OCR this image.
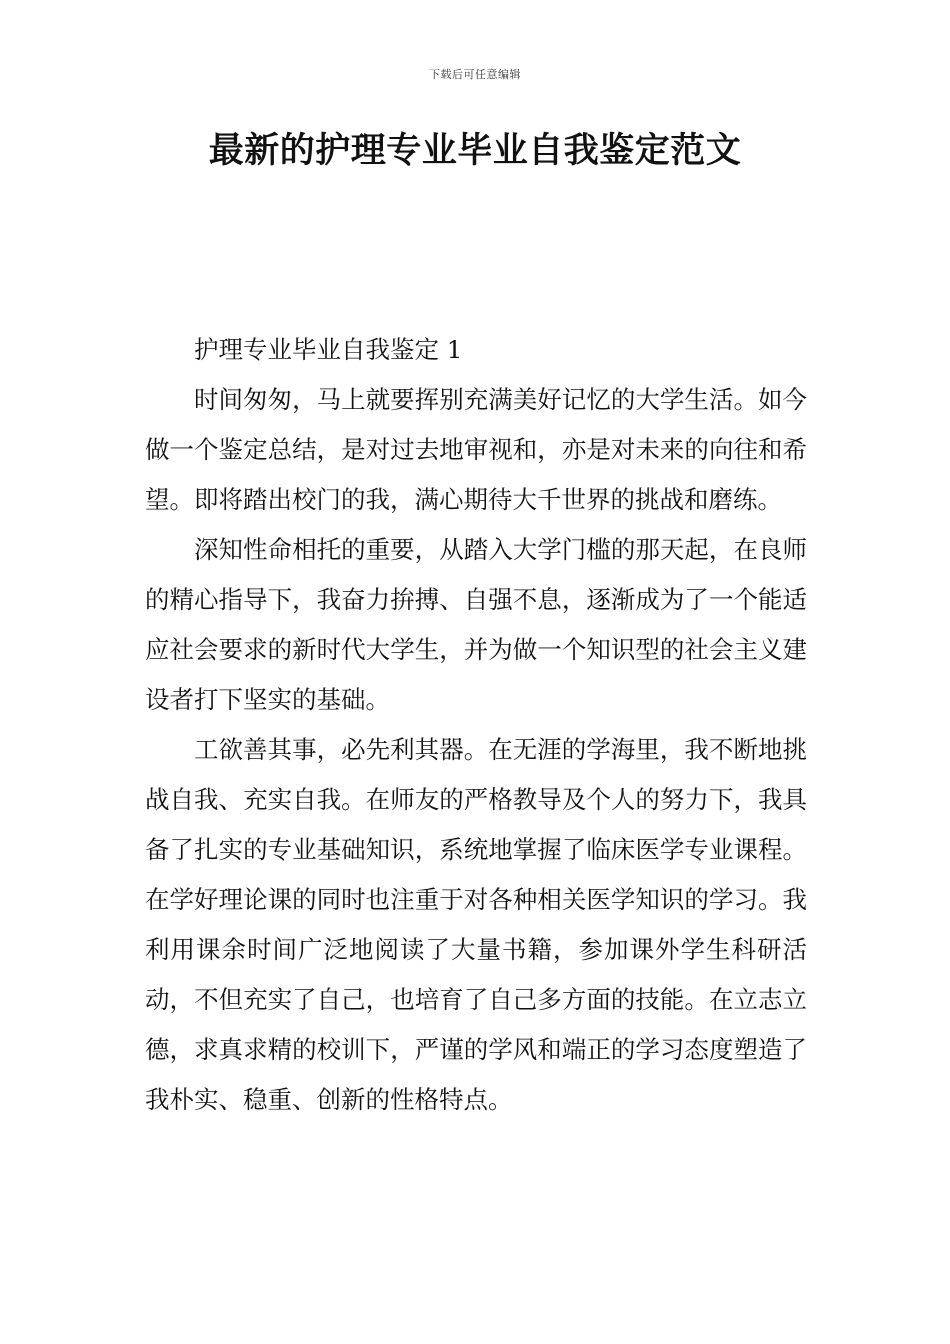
下载后可任意编辑
最新的护理专业毕业自我鉴定范文

护理专业毕业自我鉴定 1

时间匆匆，马上就要挥别充满美好记忆的大学生活。如今做一个鉴定总结，是对过去地审视和，亦是对未来的向往和希望。即将踏出校门的我，满心期待大千世界的挑战和磨练。

深知性命相托的重要，从踏入大学门槛的那天起，在良师的精心指导下，我奋力拚搏、自强不息，逐渐成为了一个能适应社会要求的新时代大学生，并为做一个知识型的社会主义建设者打下坚实的基础。

工欲善其事，必先利其器。在无涯的学海里，我不断地挑战自我、充实自我。在师友的严格教导及个人的努力下，我具备了扎实的专业基础知识，系统地掌握了临床医学专业课程。在学好理论课的同时也注重于对各种相关医学知识的学习。我利用课余时间广泛地阅读了大量书籍，参加课外学生科研活动，不但充实了自己，也培育了自己多方面的技能。在立志立德，求真求精的校训下，严谨的学风和端正的学习态度塑造了我朴实、稳重、创新的性格特点。
